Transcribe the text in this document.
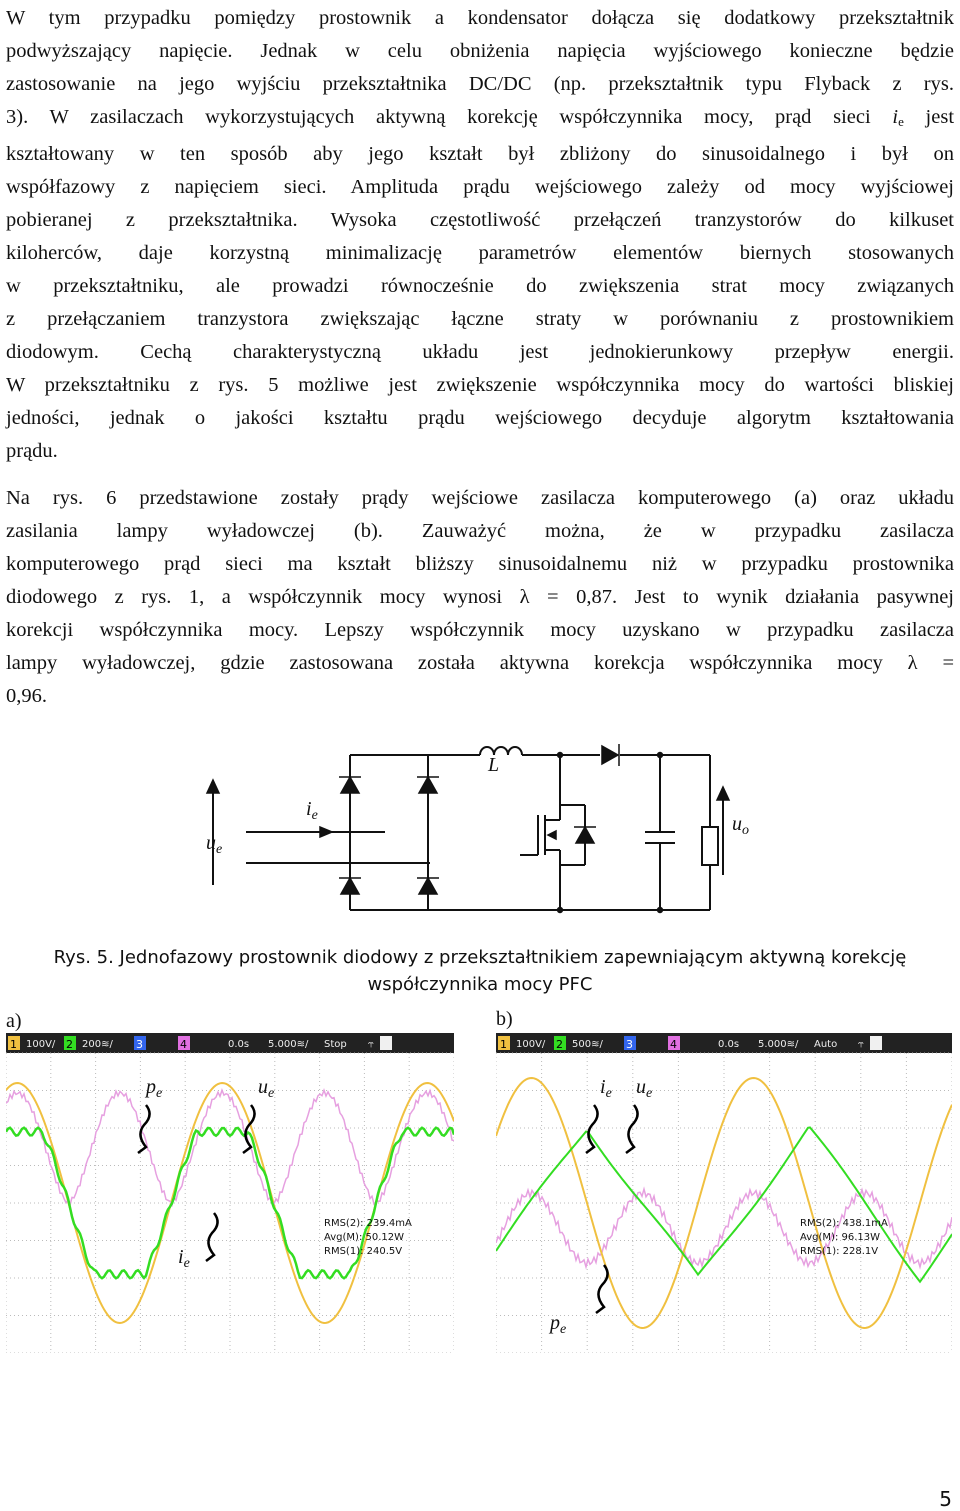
W tym przypadku pomiędzy prostownik a kondensator dołącza się dodatkowy przekształtnik
podwyższający napięcie. Jednak w celu obniżenia napięcia wyjściowego konieczne będzie
zastosowanie na jego wyjściu przekształtnika DC/DC (np. przekształtnik typu Flyback z rys.
3). W zasilaczach wykorzystujących aktywną korekcję współczynnika mocy, prąd sieci $i_e$ jest
kształtowany w ten sposób aby jego kształt był zbliżony do sinusoidalnego i był on
współfazowy z napięciem sieci. Amplituda prądu wejściowego zależy od mocy wyjściowej
pobieranej z przekształtnika. Wysoka częstotliwość przełączeń tranzystorów do kilkuset
kiloherców, daje korzystną minimalizację parametrów elementów biernych stosowanych
w przekształtniku, ale prowadzi równocześnie do zwiększenia strat mocy związanych
z przełączaniem tranzystora zwiększając łączne straty w porównaniu z prostownikiem
diodowym. Cechą charakterystyczną układu jest jednokierunkowy przepływ energii.
W przekształtniku z rys. 5 możliwe jest zwiększenie współczynnika mocy do wartości bliskiej
jedności, jednak o jakości kształtu prądu wejściowego decyduje algorytm kształtowania
prądu.
Na rys. 6 przedstawione zostały prądy wejściowe zasilacza komputerowego (a) oraz układu
zasilania lampy wyładowczej (b). Zauważyć można, że w przypadku zasilacza
komputerowego prąd sieci ma kształt bliższy sinusoidalnemu niż w przypadku prostownika
diodowego z rys. 1, a współczynnik mocy wynosi λ = 0,87. Jest to wynik działania pasywnej
korekcji współczynnika mocy. Lepszy współczynnik mocy uzyskano w przypadku zasilacza
lampy wyładowczej, gdzie zastosowana została aktywna korekcja współczynnika mocy λ =
0,96.
L
$i_e$
$u_e$
$u_o$
Rys. 5. Jednofazowy prostownik diodowy z przekształtnikiem zapewniającym aktywną korekcję
współczynnika mocy PFC
a)	b)
1 100V/ 2 200≋/ 3	4	0.0s 5.000≋/ Stop ⥾
RMS(2): 239.4mA
Avg(M): 50.12W
RMS(1): 240.5V
$p_e$	$u_e$
$i_e$
1 100V/ 2 500≋/ 3	4	0.0s 5.000≋/ Auto ⥾
RMS(2): 438.1mA
Avg(M): 96.13W
RMS(1): 228.1V
$i_e$ $u_e$
$p_e$
5
